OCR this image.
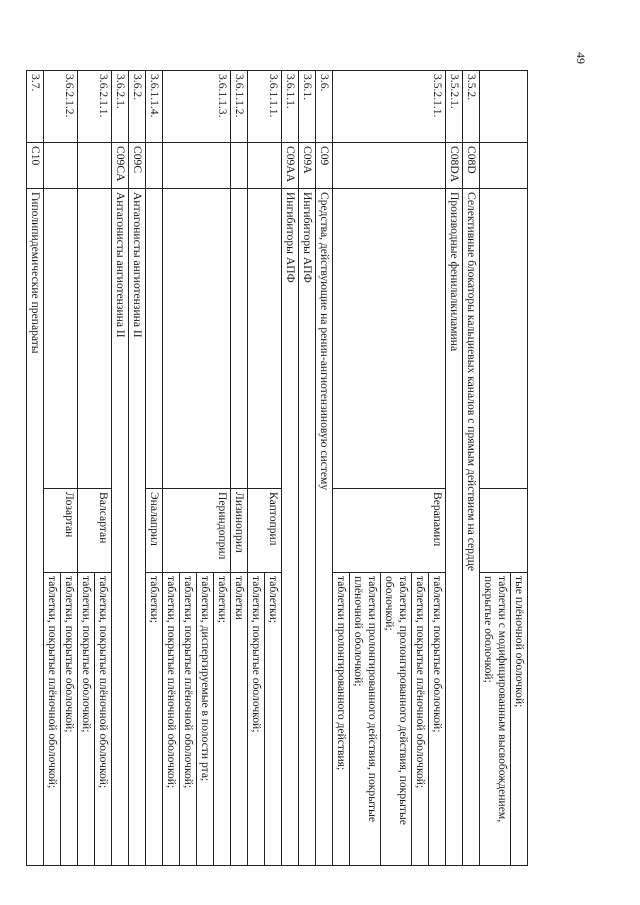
49
				тые плёночной оболочкой;
				таблетки с модифицированным высвобождением, покрытые оболочкой;
3.5.2.	C08D	Селективные блокаторы кальциевых каналов с прямым действием на сердце		
3.5.2.1.	C08DA	Производные фенилалкиламина		
3.5.2.1.1.			Верапамил	таблетки, покрытые оболочкой;
				таблетки, покрытые плёночной оболочкой;
				таблетки, пролонгированного действия, покрытые оболочкой;
				таблетки пролонгированного действия, покрытые плёночной оболочкой;
				таблетки пролонгированного действия;
3.6.	C09	Средства, действующие на ренин-ангиотензиновую систему		
3.6.1.	C09A	Ингибиторы АПФ		
3.6.1.1.	C09AA	Ингибиторы АПФ		
3.6.1.1.1.			Каптоприл	таблетки;
				таблетки, покрытые оболочкой;
3.6.1.1.2.			Лизиноприл	таблетки
3.6.1.1.3.			Периндоприл	таблетки;
				таблетки, диспергируемые в полости рта;
				таблетки, покрытые плёночной оболочкой;
				таблетки, покрытые плёночной оболочкой;
3.6.1.1.4.			Эналаприл	таблетки;
3.6.2.	C09C	Антагонисты ангиотензина II		
3.6.2.1.	C09CA	Антагонисты ангиотензина II		
3.6.2.1.1.			Валсартан	таблетки, покрытые плёночной оболочкой;
				таблетки, покрытые оболочкой;
3.6.2.1.2.			Лозартан	таблетки, покрытые оболочкой;
				таблетки, покрытые плёночной оболочкой;
3.7.	C10	Гиполипидемические препараты		
